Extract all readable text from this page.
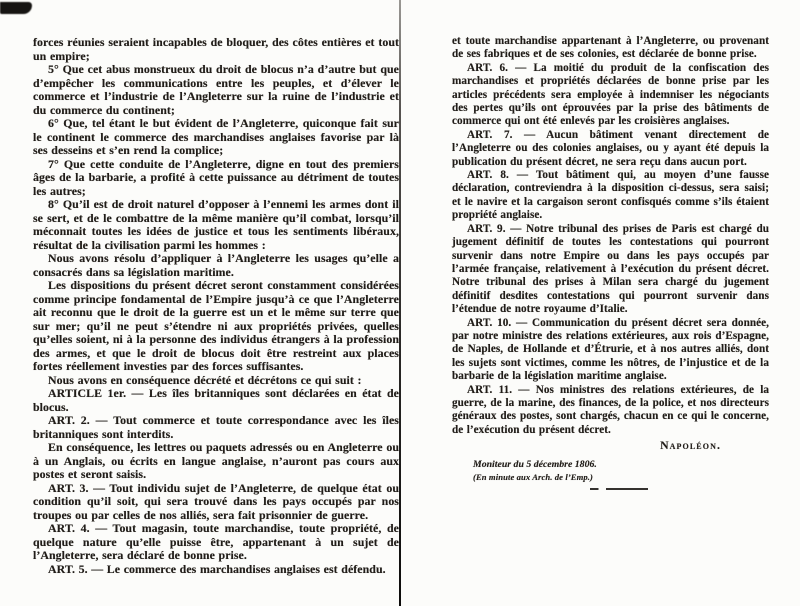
forces réunies seraient incapables de bloquer, des côtes entières et tout un empire;

5° Que cet abus monstrueux du droit de blocus n’a d’autre but que d’empêcher les communications entre les peuples, et d’élever le commerce et l’industrie de l’Angleterre sur la ruine de l’industrie et du commerce du continent;

6° Que, tel étant le but évident de l’Angleterre, quiconque fait sur le continent le commerce des marchandises anglaises favorise par là ses desseins et s’en rend la complice;

7° Que cette conduite de l’Angleterre, digne en tout des premiers âges de la barbarie, a profité à cette puissance au détriment de toutes les autres;

8° Qu’il est de droit naturel d’opposer à l’ennemi les armes dont il se sert, et de le combattre de la même manière qu’il combat, lorsqu’il méconnait toutes les idées de justice et tous les sentiments libéraux, résultat de la civilisation parmi les hommes :

Nous avons résolu d’appliquer à l’Angleterre les usages qu’elle a consacrés dans sa législation maritime.

Les dispositions du présent décret seront constamment considérées comme principe fondamental de l’Empire jusqu’à ce que l’Angleterre ait reconnu que le droit de la guerre est un et le même sur terre que sur mer; qu’il ne peut s’étendre ni aux propriétés privées, quelles qu’elles soient, ni à la personne des individus étrangers à la profession des armes, et que le droit de blocus doit être restreint aux places fortes réellement investies par des forces suffisantes.

Nous avons en conséquence décrété et décrétons ce qui suit :

ARTICLE 1er. — Les îles britanniques sont déclarées en état de blocus.

ART. 2. — Tout commerce et toute correspondance avec les îles britanniques sont interdits.

En conséquence, les lettres ou paquets adressés ou en Angleterre ou à un Anglais, ou écrits en langue anglaise, n’auront pas cours aux postes et seront saisis.

ART. 3. — Tout individu sujet de l’Angleterre, de quelque état ou condition qu’il soit, qui sera trouvé dans les pays occupés par nos troupes ou par celles de nos alliés, sera fait prisonnier de guerre.

ART. 4. — Tout magasin, toute marchandise, toute propriété, de quelque nature qu’elle puisse être, appartenant à un sujet de l’Angleterre, sera déclaré de bonne prise.

ART. 5. — Le commerce des marchandises anglaises est défendu.

et toute marchandise appartenant à l’Angleterre, ou provenant de ses fabriques et de ses colonies, est déclarée de bonne prise.

ART. 6. — La moitié du produit de la confiscation des marchandises et propriétés déclarées de bonne prise par les articles précédents sera employée à indemniser les négociants des pertes qu’ils ont éprouvées par la prise des bâtiments de commerce qui ont été enlevés par les croisières anglaises.

ART. 7. — Aucun bâtiment venant directement de l’Angleterre ou des colonies anglaises, ou y ayant été depuis la publication du présent décret, ne sera reçu dans aucun port.

ART. 8. — Tout bâtiment qui, au moyen d’une fausse déclaration, contreviendra à la disposition ci-dessus, sera saisi; et le navire et la cargaison seront confisqués comme s’ils étaient propriété anglaise.

ART. 9. — Notre tribunal des prises de Paris est chargé du jugement définitif de toutes les contestations qui pourront survenir dans notre Empire ou dans les pays occupés par l’armée française, relativement à l’exécution du présent décret. Notre tribunal des prises à Milan sera chargé du jugement définitif desdites contestations qui pourront survenir dans l’étendue de notre royaume d’Italie.

ART. 10. — Communication du présent décret sera donnée, par notre ministre des relations extérieures, aux rois d’Espagne, de Naples, de Hollande et d’Étrurie, et à nos autres alliés, dont les sujets sont victimes, comme les nôtres, de l’injustice et de la barbarie de la législation maritime anglaise.

ART. 11. — Nos ministres des relations extérieures, de la guerre, de la marine, des finances, de la police, et nos directeurs généraux des postes, sont chargés, chacun en ce qui le concerne, de l’exécution du présent décret.

Napoléon.

Moniteur du 5 décembre 1806.

(En minute aux Arch. de l’Emp.)
